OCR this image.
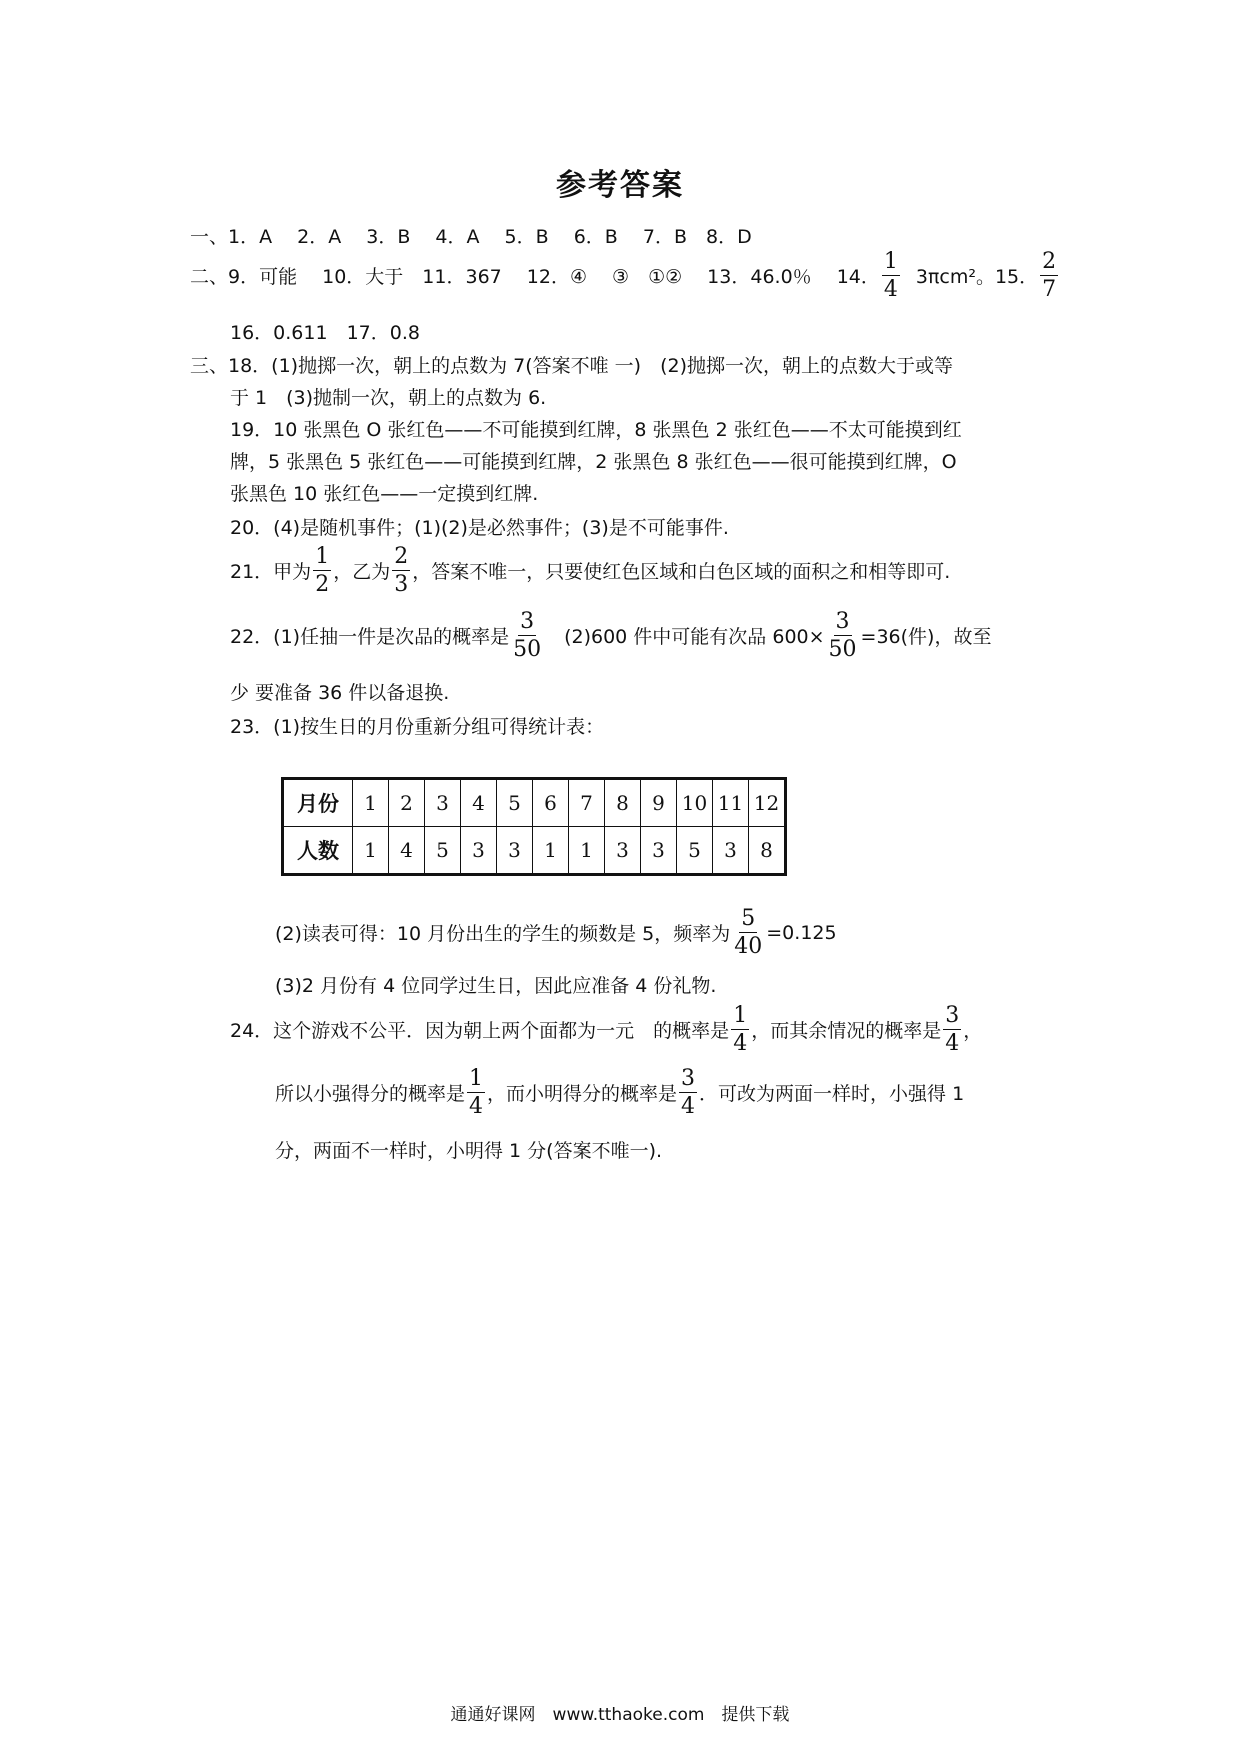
参考答案
一、1．A　 2．A　 3．B　 4．A　 5．B　 6．B　 7．B　8．D
二、9．可能　 10．大于　11．367　 12．④　 ③　①②　 13．46.0％　 14． $\frac{1}{4} 3\pi cm^2$。15． $\frac{2}{7}$
16．0.611　17．0.8
三、18．(1)抛掷一次，朝上的点数为 7(答案不唯 一)　(2)抛掷一次，朝上的点数大于或等
于 1　(3)抛制一次，朝上的点数为 6.
19．10 张黑色 O 张红色——不可能摸到红牌，8 张黑色 2 张红色——不太可能摸到红
牌，5 张黑色 5 张红色——可能摸到红牌，2 张黑色 8 张红色——很可能摸到红牌，O
张黑色 10 张红色——一定摸到红牌.
20．(4)是随机事件；(1)(2)是必然事件；(3)是不可能事件.
21．甲为 $\frac{1}{2}$ ，乙为 $\frac{2}{3}$ ，答案不唯一，只要使红色区域和白色区域的面积之和相等即可.
22．(1)任抽一件是次品的概率是 $\frac{3}{50}$ 　(2)600 件中可能有次品 $600\times \frac{3}{50} =36$(件)，故至
少 要准备 36 件以备退换.
23．(1)按生日的月份重新分组可得统计表：
月份	1	2	3	4	5	6	7	8	9	10	11	12
人数	1	4	5	3	3	1	1	3	3	5	3	8
(2)读表可得：10 月份出生的学生的频数是 5，频率为 $\frac{5}{40} =0.125$
(3)2 月份有 4 位同学过生日，因此应准备 4 份礼物.
24．这个游戏不公平．因为朝上两个面都为一元　的概率是 $\frac{1}{4}$ ，而其余情况的概率是 $\frac{3}{4}$ ，
所以小强得分的概率是 $\frac{1}{4}$ ，而小明得分的概率是 $\frac{3}{4}$ ．可改为两面一样时，小强得 1
分，两面不一样时，小明得 1 分(答案不唯一).
通通好课网　www.tthaoke.com　提供下载
